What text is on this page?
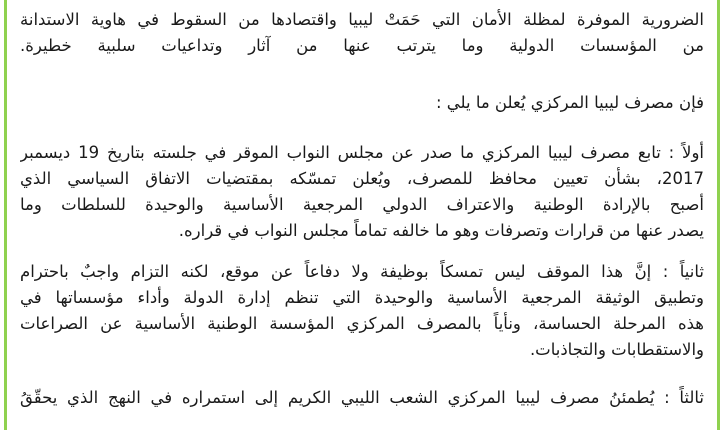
الضرورية الموفرة لمظلة الأمان التي حَمَتْ ليبيا واقتصادها من السقوط في هاوية الاستدانة
من المؤسسات الدولية وما يترتب عنها من آثار وتداعيات سلبية خطيرة.
فإن مصرف ليبيا المركزي يُعلن ما يلي :
أولاً : تابع مصرف ليبيا المركزي ما صدر عن مجلس النواب الموقر في جلسته بتاريخ 19 ديسمبر
2017، بشأن تعيين محافظ للمصرف، ويُعلن تمسّكه بمقتضيات الاتفاق السياسي الذي
أصبح بالإرادة الوطنية والاعتراف الدولي المرجعية الأساسية والوحيدة للسلطات وما
يصدر عنها من قرارات وتصرفات وهو ما خالفه تماماً مجلس النواب في قراره.
ثانياً : إنَّ هذا الموقف ليس تمسكاً بوظيفة ولا دفاعاً عن موقع، لكنه التزام واجبٌ باحترام
وتطبيق الوثيقة المرجعية الأساسية والوحيدة التي تنظم إدارة الدولة وأداء مؤسساتها في
هذه المرحلة الحساسة، ونأياً بالمصرف المركزي المؤسسة الوطنية الأساسية عن الصراعات
والاستقطابات والتجاذبات.
ثالثاً : يُطمئنُ مصرف ليبيا المركزي الشعب الليبي الكريم إلى استمراره في النهج الذي يحقّقُ
